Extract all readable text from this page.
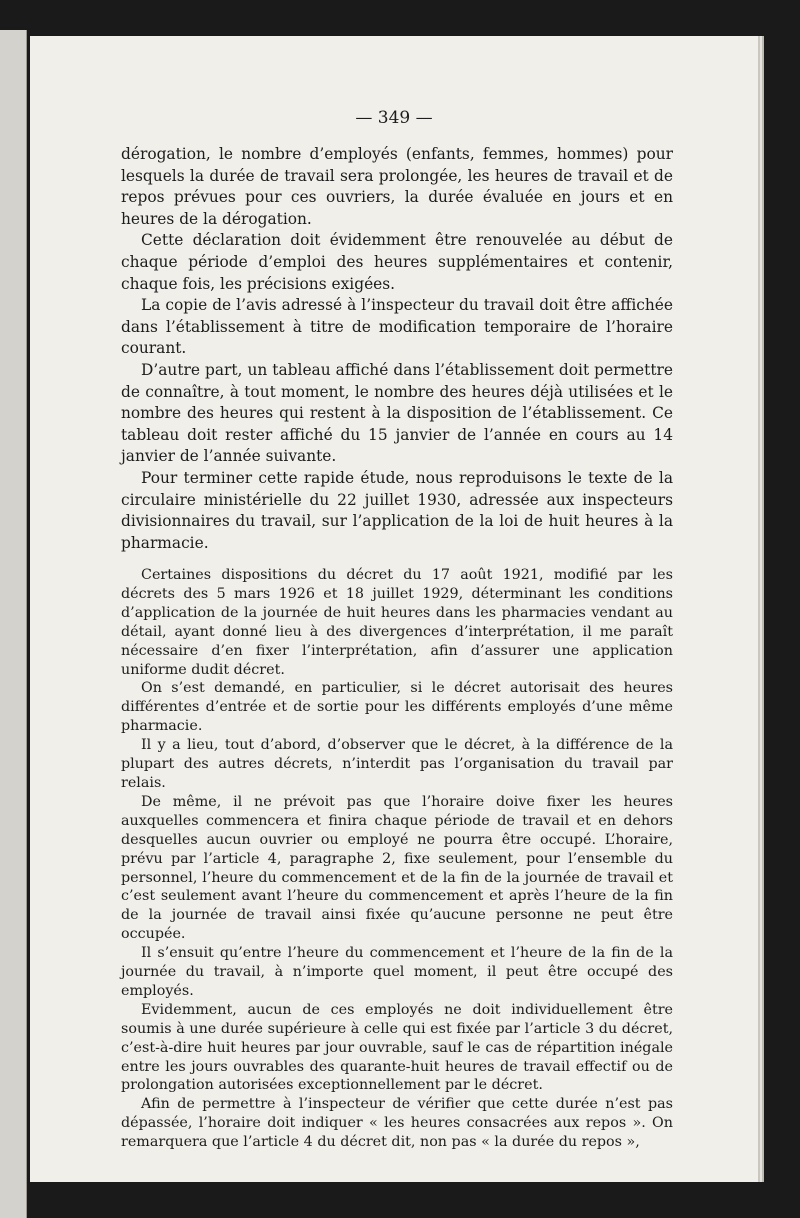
— 349 —

dérogation, le nombre d’employés (enfants, femmes, hommes) pour lesquels la durée de travail sera prolongée, les heures de travail et de repos prévues pour ces ouvriers, la durée évaluée en jours et en heures de la dérogation.

Cette déclaration doit évidemment être renouvelée au début de chaque période d’emploi des heures supplémentaires et contenir, chaque fois, les précisions exigées.

La copie de l’avis adressé à l’inspecteur du travail doit être affichée dans l’établissement à titre de modification temporaire de l’horaire courant.

D’autre part, un tableau affiché dans l’établissement doit permettre de connaître, à tout moment, le nombre des heures déjà utilisées et le nombre des heures qui restent à la disposition de l’établissement. Ce tableau doit rester affiché du 15 janvier de l’année en cours au 14 janvier de l’année suivante.

Pour terminer cette rapide étude, nous reproduisons le texte de la circulaire ministérielle du 22 juillet 1930, adressée aux inspecteurs divisionnaires du travail, sur l’application de la loi de huit heures à la pharmacie.

Certaines dispositions du décret du 17 août 1921, modifié par les décrets des 5 mars 1926 et 18 juillet 1929, déterminant les conditions d’application de la journée de huit heures dans les pharmacies vendant au détail, ayant donné lieu à des divergences d’interprétation, il me paraît nécessaire d’en fixer l’interprétation, afin d’assurer une application uniforme dudit décret.

On s’est demandé, en particulier, si le décret autorisait des heures différentes d’entrée et de sortie pour les différents employés d’une même pharmacie.

Il y a lieu, tout d’abord, d’observer que le décret, à la différence de la plupart des autres décrets, n’interdit pas l’organisation du travail par relais.

De même, il ne prévoit pas que l’horaire doive fixer les heures auxquelles commencera et finira chaque période de travail et en dehors desquelles aucun ouvrier ou employé ne pourra être occupé. L’horaire, prévu par l’article 4, paragraphe 2, fixe seulement, pour l’ensemble du personnel, l’heure du commencement et de la fin de la journée de travail et c’est seulement avant l’heure du commencement et après l’heure de la fin de la journée de travail ainsi fixée qu’aucune personne ne peut être occupée.

Il s’ensuit qu’entre l’heure du commencement et l’heure de la fin de la journée du travail, à n’importe quel moment, il peut être occupé des employés.

Evidemment, aucun de ces employés ne doit individuellement être soumis à une durée supérieure à celle qui est fixée par l’article 3 du décret, c’est-à-dire huit heures par jour ouvrable, sauf le cas de répartition inégale entre les jours ouvrables des quarante-huit heures de travail effectif ou de prolongation autorisées exceptionnellement par le décret.

Afin de permettre à l’inspecteur de vérifier que cette durée n’est pas dépassée, l’horaire doit indiquer « les heures consacrées aux repos ». On remarquera que l’article 4 du décret dit, non pas « la durée du repos »,
